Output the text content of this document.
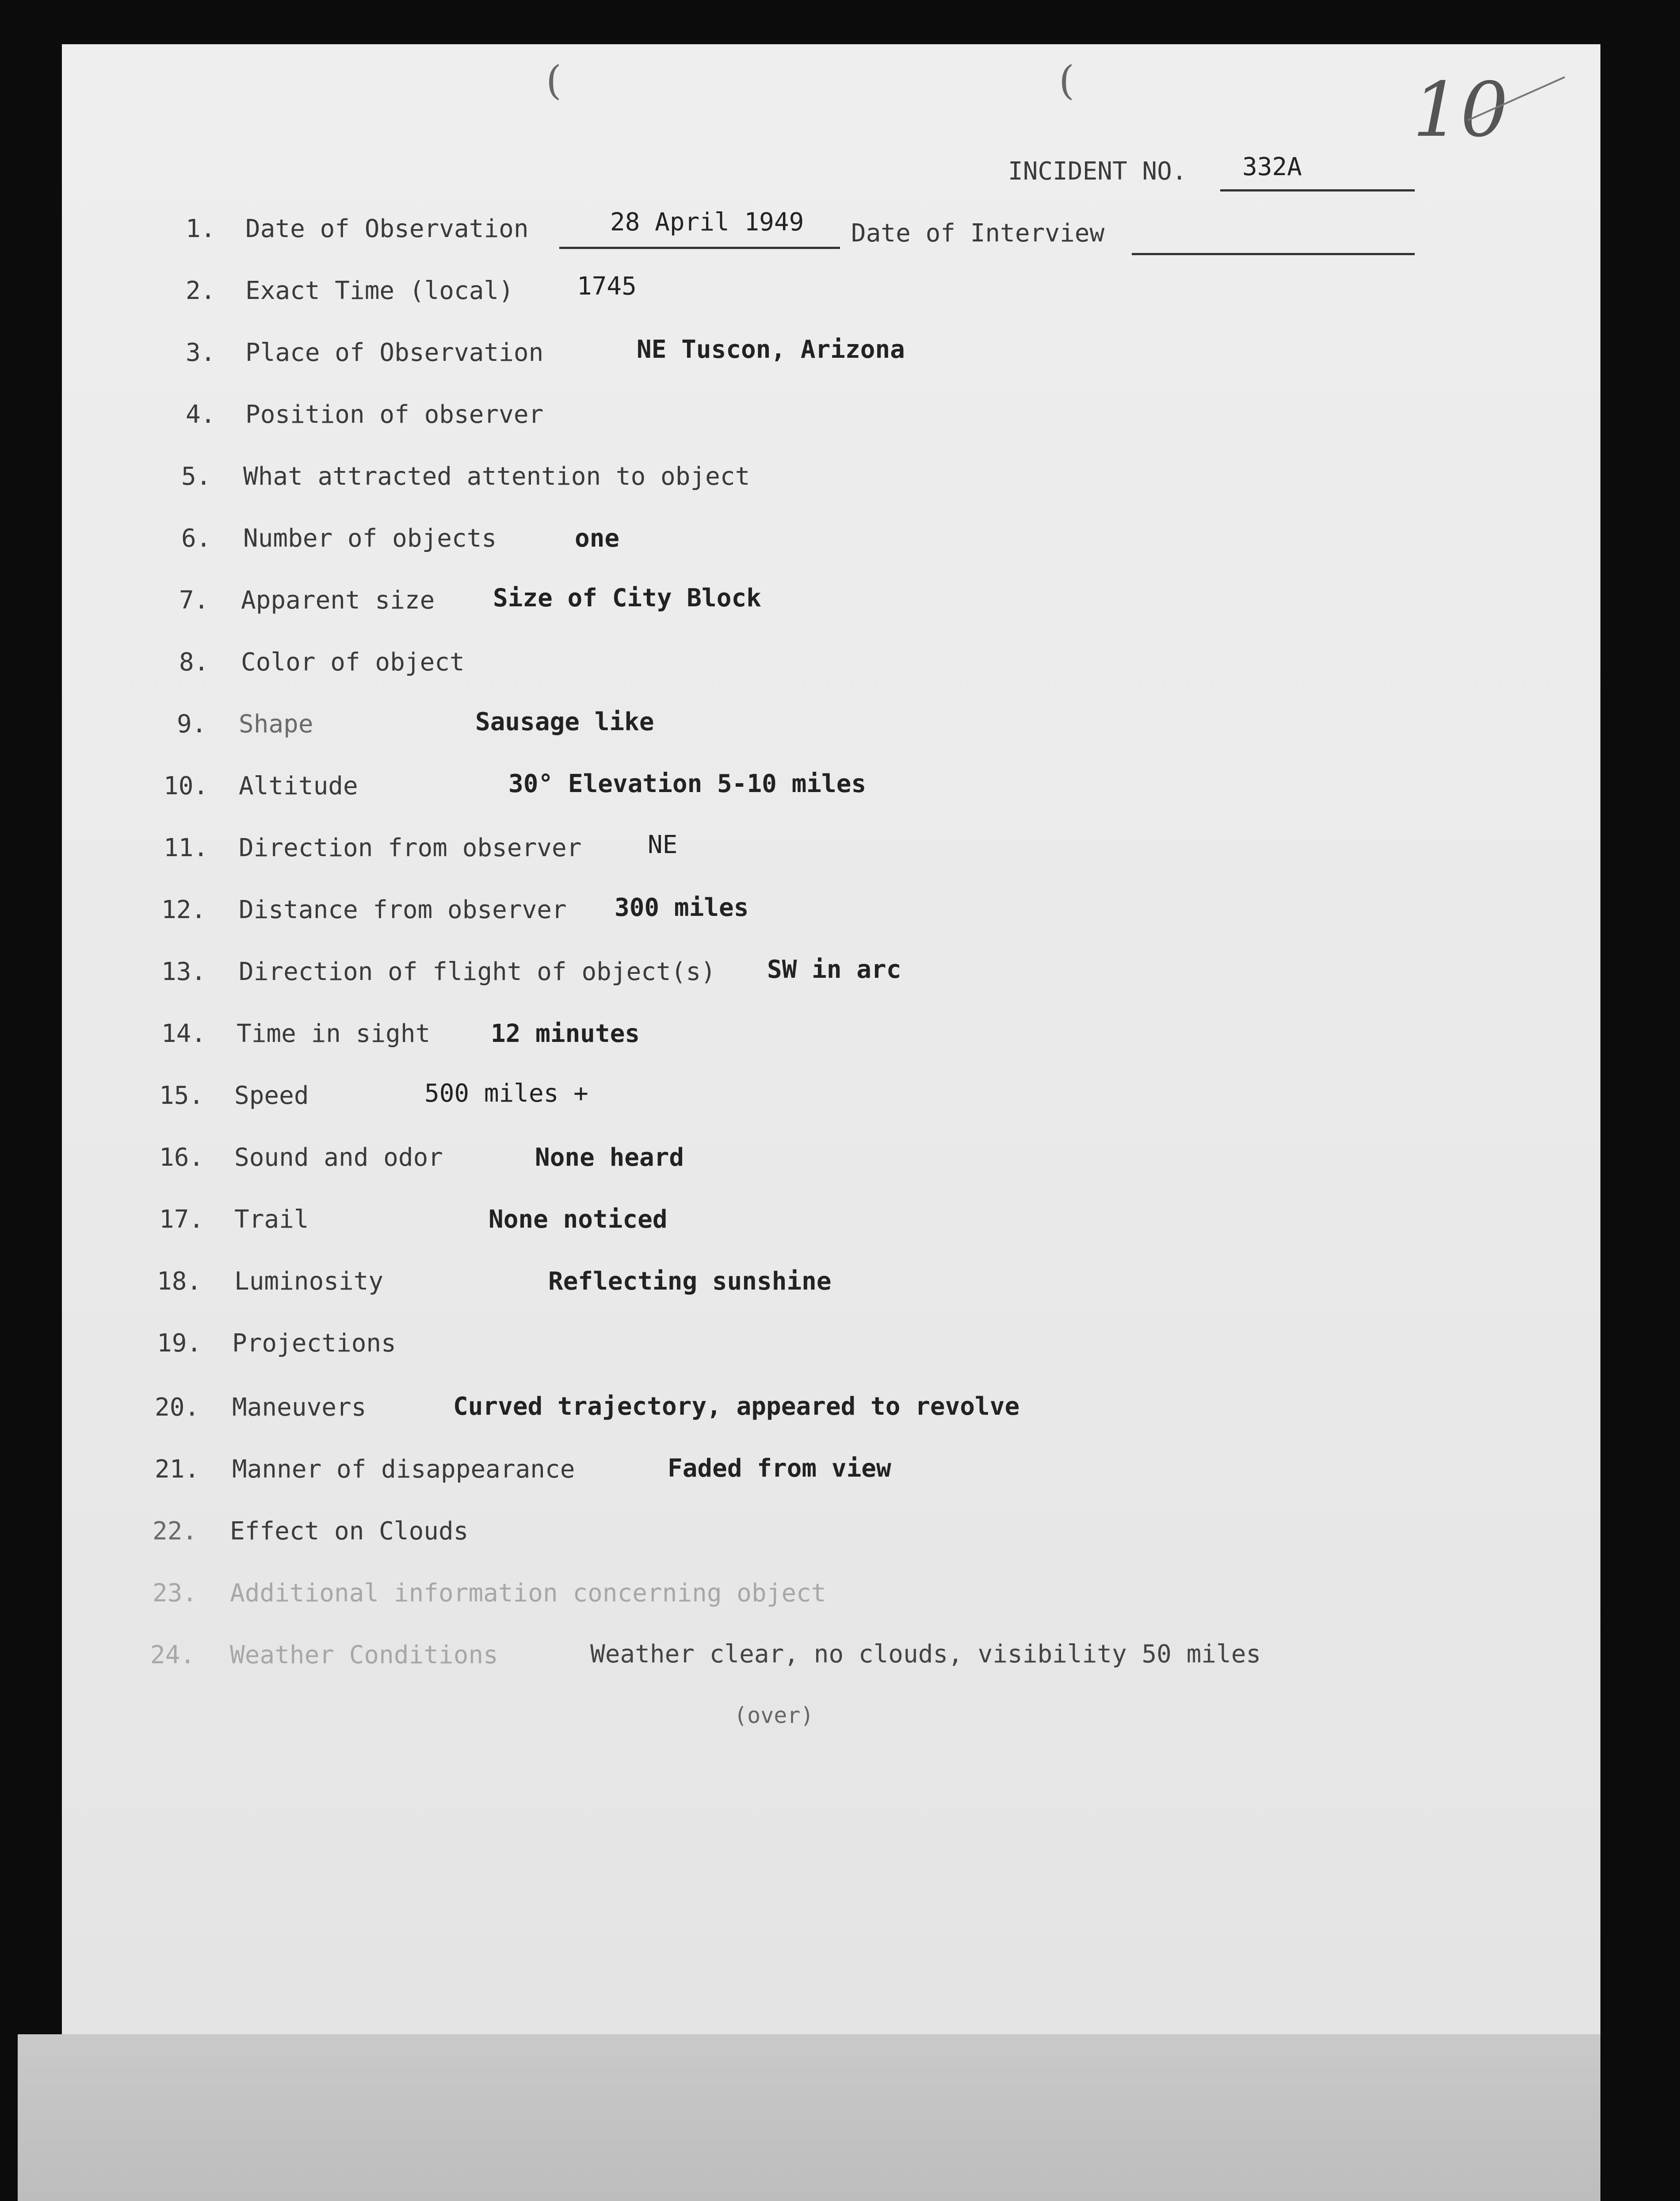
(	(	10
INCIDENT NO. 332A
1. Date of Observation	28 April 1949 Date of Interview
2. Exact Time (local)	1745
3. Place of Observation	NE Tuscon, Arizona
4. Position of observer
5. What attracted attention to object
6. Number of objects	one
7. Apparent size Size of City Block
8. Color of object
9. Shape	Sausage like
10. Altitude	30° Elevation 5-10 miles
11. Direction from observer	NE
12. Distance from observer 300 miles
13. Direction of flight of object(s) SW in arc
14. Time in sight 12 minutes
15. Speed	500 miles +
16. Sound and odor	None heard
17. Trail	None noticed
18. Luminosity	Reflecting sunshine
19. Projections
20. Maneuvers	Curved trajectory, appeared to revolve
21. Manner of disappearance	Faded from view
22. Effect on Clouds
23. Additional information concerning object
24. Weather Conditions	Weather clear, no clouds, visibility 50 miles
(over)
